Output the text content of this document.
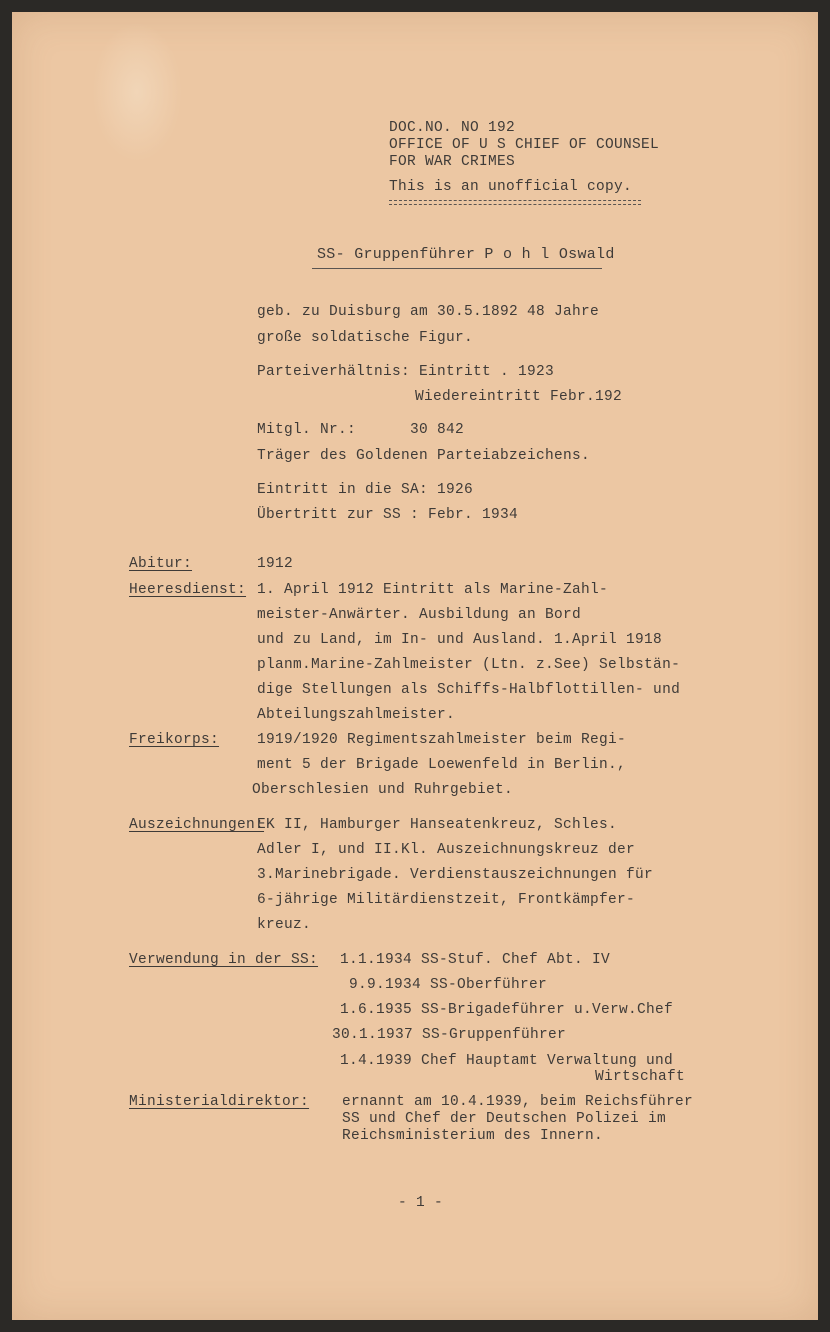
DOC.NO. NO 192
OFFICE OF U S CHIEF OF COUNSEL
FOR WAR CRIMES
This is an unofficial copy.
SS- Gruppenführer P o h l Oswald
geb. zu Duisburg am 30.5.1892 48 Jahre
große soldatische Figur.
Parteiverhältnis: Eintritt . 1923
Wiedereintritt Febr.192
Mitgl. Nr.:      30 842
Träger des Goldenen Parteiabzeichens.
Eintritt in die SA: 1926
Übertritt zur SS : Febr. 1934
Abitur:	1912
Heeresdienst: 1. April 1912 Eintritt als Marine-Zahl-
meister-Anwärter. Ausbildung an Bord
und zu Land, im In- und Ausland. 1.April 1918
planm.Marine-Zahlmeister (Ltn. z.See) Selbstän-
dige Stellungen als Schiffs-Halbflottillen- und
Abteilungszahlmeister.
Freikorps:	1919/1920 Regimentszahlmeister beim Regi-
ment 5 der Brigade Loewenfeld in Berlin.,
Oberschlesien und Ruhrgebiet.
Auszeichnungen:
EK II, Hamburger Hanseatenkreuz, Schles.
Adler I, und II.Kl. Auszeichnungskreuz der
3.Marinebrigade. Verdienstauszeichnungen für
6-jährige Militärdienstzeit, Frontkämpfer-
kreuz.
Verwendung in der SS: 1.1.1934 SS-Stuf. Chef Abt. IV
9.9.1934 SS-Oberführer
1.6.1935 SS-Brigadeführer u.Verw.Chef
30.1.1937 SS-Gruppenführer
1.4.1939 Chef Hauptamt Verwaltung und
Wirtschaft
Ministerialdirektor: ernannt am 10.4.1939, beim Reichsführer
SS und Chef der Deutschen Polizei im
Reichsministerium des Innern.
- 1 -
